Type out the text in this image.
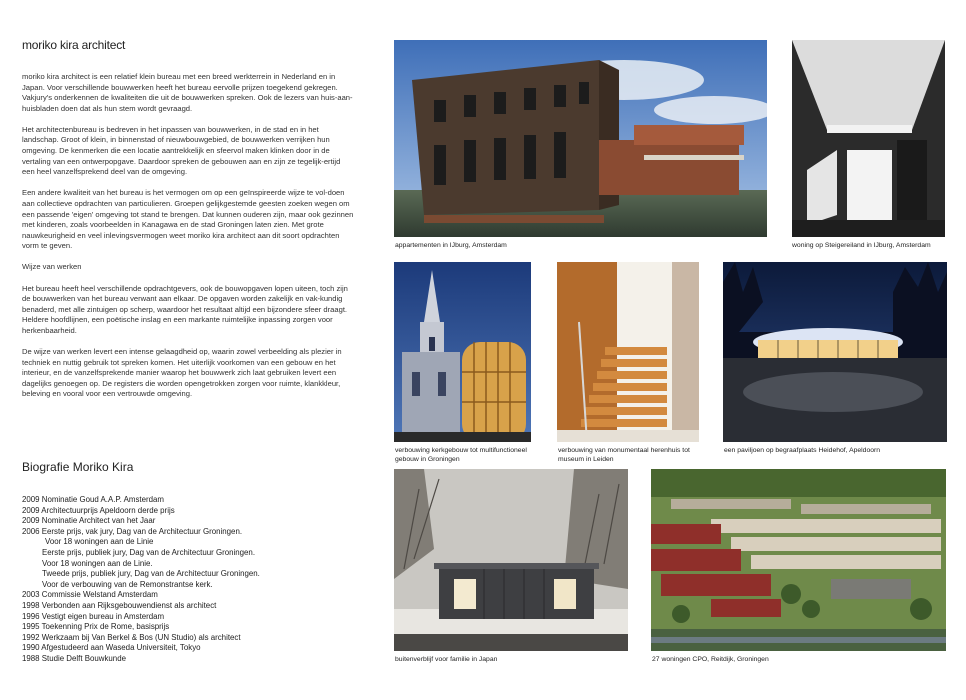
moriko kira architect

moriko kira architect is een relatief klein bureau met een breed werkterrein in Nederland en in Japan. Voor verschillende bouwwerken heeft het bureau eervolle prijzen toegekend gekregen. Vakjury's onderkennen de kwaliteiten die uit de bouwwerken spreken. Ook de lezers van huis-aan-huisbladen doen dat als hun stem wordt gevraagd.

Het architectenbureau is bedreven in het inpassen van bouwwerken, in de stad en in het landschap. Groot of klein, in binnenstad of nieuwbouwgebied, de bouwwerken verrijken hun omgeving. De kenmerken die een locatie aantrekkelijk en sfeervol maken klinken door in de vertaling van een ontwerpopgave. Daardoor spreken de gebouwen aan en zijn ze tegelijk-ertijd een heel vanzelfsprekend deel van de omgeving.

Een andere kwaliteit van het bureau is het vermogen om op een geïnspireerde wijze te vol-doen aan collectieve opdrachten van particulieren. Groepen gelijkgestemde geesten zoeken wegen om een passende 'eigen' omgeving tot stand te brengen. Dat kunnen ouderen zijn, maar ook gezinnen met kinderen, zoals voorbeelden in Kanagawa en de stad Groningen laten zien. Met grote nauwkeurigheid en veel inlevingsvermogen weet moriko kira architect aan dit soort opdrachten vorm te geven.

Wijze van werken

Het bureau heeft heel verschillende opdrachtgevers, ook de bouwopgaven lopen uiteen, toch zijn de bouwwerken van het bureau verwant aan elkaar. De opgaven worden zakelijk en vak-kundig benaderd, met alle zintuigen op scherp, waardoor het resultaat altijd een bijzondere sfeer draagt. Heldere hoofdlijnen, een poëtische inslag en een markante ruimtelijke inpassing zorgen voor herkenbaarheid.

De wijze van werken levert een intense gelaagdheid op, waarin zowel verbeelding als plezier in techniek en nuttig gebruik tot spreken komen. Het uiterlijk voorkomen van een gebouw en het interieur, en de vanzelfsprekende manier waarop het bouwwerk zich laat gebruiken levert een dagelijks genoegen op. De registers die worden opengetrokken zorgen voor ruimte, klankkleur, beleving en vooral voor een vertrouwde omgeving.

Biografie Moriko Kira
2009 Nominatie Goud A.A.P. Amsterdam
2009 Architectuurprijs Apeldoorn derde prijs
2009 Nominatie Architect van het Jaar
2006 Eerste prijs, vak jury, Dag van de Architectuur Groningen.
Voor 18 woningen aan de Linie
Eerste prijs, publiek jury, Dag van de Architectuur Groningen.
Voor 18 woningen aan de Linie.
Tweede prijs, publiek jury, Dag van de Architectuur Groningen.
Voor de verbouwing van de Remonstrantse kerk.
2003 Commissie Welstand Amsterdam
1998 Verbonden aan Rijksgebouwendienst als architect
1996 Vestigt eigen bureau in Amsterdam
1995 Toekenning Prix de Rome, basisprijs
1992 Werkzaam bij Van Berkel & Bos (UN Studio) als architect
1990 Afgestudeerd aan Waseda Universiteit, Tokyo
1988 Studie Delft Bouwkunde
appartementen in IJburg, Amsterdam	woning op Steigereiland in IJburg, Amsterdam
verbouwing kerkgebouw tot multifunctioneel gebouw in Groningen
verbouwing van monumentaal herenhuis tot museum in Leiden
een paviljoen op begraafplaats Heidehof, Apeldoorn
buitenverblijf voor familie in Japan	27 woningen CPO, Reitdijk, Groningen
